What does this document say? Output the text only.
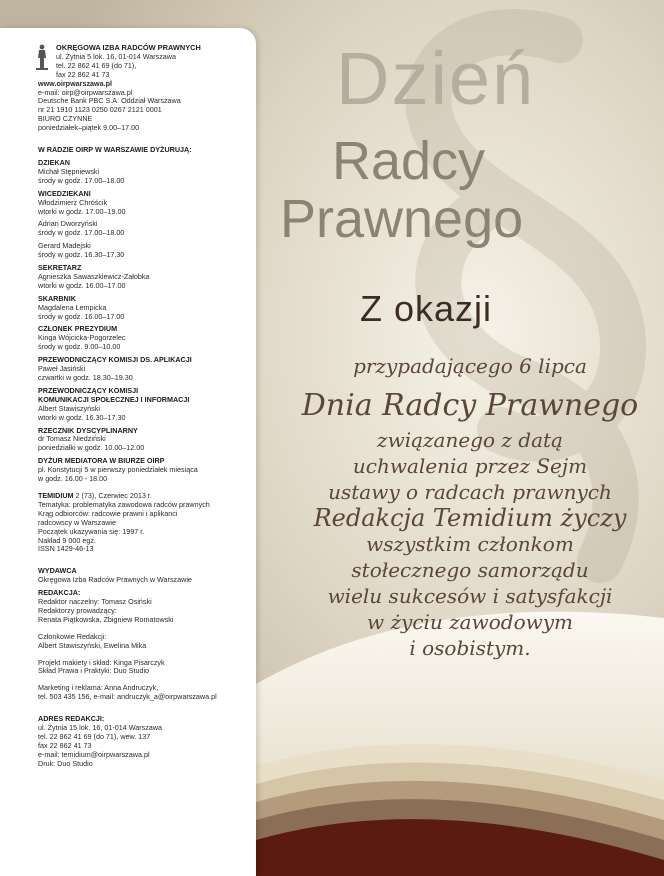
OKRĘGOWA IZBA RADCÓW PRAWNYCH
ul. Żytnia 5 lok. 16, 01-014 Warszawa
tel. 22 862 41 69 (do 71),
fax 22 862 41 73
www.oirpwarszawa.pl
e-mail: oirp@oirpwarszawa.pl
Deutsche Bank PBC S.A. Oddział Warszawa
nr 21 1910 1123 0250 0267 2121 0001
BIURO CZYNNE
poniedziałek–piątek 9.00–17.00
W RADZIE OIRP W WARSZAWIE DYŻURUJĄ:
DZIEKAN
Michał Stępniewski
środy w godz. 17.00–18.00
WICEDZIEKANI
Włodzimierz Chróścik
wtorki w godz. 17.00–19.00
Adrian Dworzyński
środy w godz. 17.00–18.00
Gerard Madejski
środy w godz. 16.30–17.30
SEKRETARZ
Agnieszka Sawaszkiewicz-Załobka
wtorki w godz. 16.00–17.00
SKARBNIK
Magdalena Łempicka
środy w godz. 16.00–17.00
CZŁONEK PREZYDIUM
Kinga Wójcicka-Pogorzelec
środy w godz. 9.00–10.00
PRZEWODNICZĄCY KOMISJI DS. APLIKACJI
Paweł Jasiński
czwartki w godz. 18.30–19.30
PRZEWODNICZĄCY KOMISJI
KOMUNIKACJI SPOŁECZNEJ I INFORMACJI
Albert Stawiszyński
wtorki w godz. 16.30–17.30
RZECZNIK DYSCYPLINARNY
dr Tomasz Niedziński
poniedziałki w godz. 10.00–12.00
DYŻUR MEDIATORA W BIURZE OIRP
pl. Konstytucji 5 w pierwszy poniedziałek miesiąca
w godz. 16.00 - 18.00
TEMIDIUM 2 (73), Czerwiec 2013 r.
Tematyka: problematyka zawodowa radców prawnych
Krąg odbiorców: radcowie prawni i aplikanci
radcowscy w Warszawie
Początek ukazywania się: 1997 r.
Nakład 9 000 egz.
ISSN 1429-46-13
WYDAWCA
Okręgowa Izba Radców Prawnych w Warszawie
REDAKCJA:
Redaktor naczelny: Tomasz Osiński
Redaktorzy prowadzący:
Renata Piątkowska, Zbigniew Romatowski
Członkowie Redakcji:
Albert Stawiszyński, Ewelina Mika
Projekt makiety i skład: Kinga Pisarczyk
Skład Prawa i Praktyki: Duo Studio
Marketing i reklama: Anna Andruczyk,
tel. 503 435 156, e-mail: andruczyk_a@oirpwarszawa.pl
ADRES REDAKCJI:
ul. Żytnia 15 lok. 16, 01-014 Warszawa
tel. 22 862 41 69 (do 71), wew. 137
fax 22 862 41 73
e-mail: temidium@oirpwarszawa.pl
Druk: Duo Studio
Dzień
Radcy
Prawnego
Z okazji
przypadającego 6 lipca
Dnia Radcy Prawnego
związanego z datą
uchwalenia przez Sejm
ustawy o radcach prawnych
Redakcja Temidium życzy
wszystkim członkom
stołecznego samorządu
wielu sukcesów i satysfakcji
w życiu zawodowym
i osobistym.
